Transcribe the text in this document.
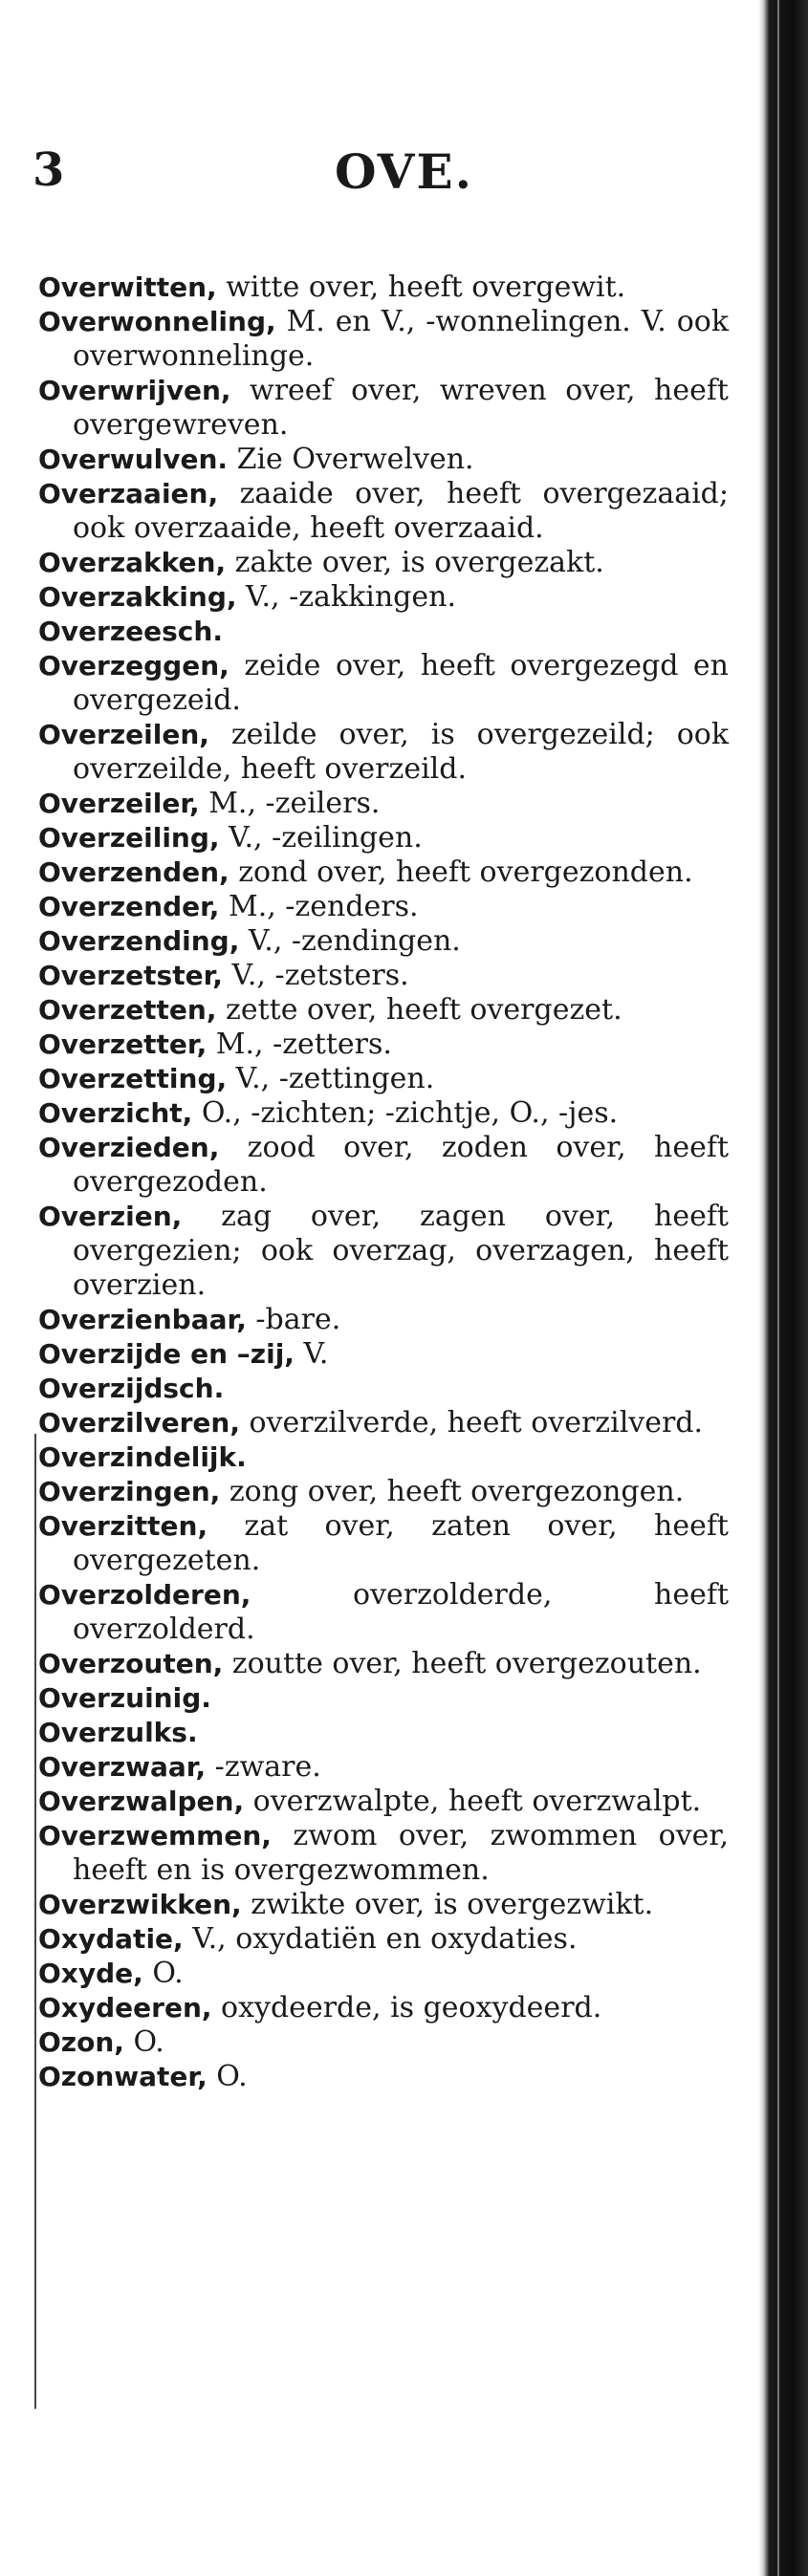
3	OVE.
Overwitten, witte over, heeft overgewit.
Overwonneling, M. en V., -wonnelingen. V. ook overwonnelinge.
Overwrijven, wreef over, wreven over, heeft overgewreven.
Overwulven. Zie Overwelven.
Overzaaien, zaaide over, heeft overgezaaid; ook overzaaide, heeft overzaaid.
Overzakken, zakte over, is overgezakt.
Overzakking, V., -zakkingen.
Overzeesch.
Overzeggen, zeide over, heeft overgezegd en overgezeid.
Overzeilen, zeilde over, is overgezeild; ook overzeilde, heeft overzeild.
Overzeiler, M., -zeilers.
Overzeiling, V., -zeilingen.
Overzenden, zond over, heeft overgezonden.
Overzender, M., -zenders.
Overzending, V., -zendingen.
Overzetster, V., -zetsters.
Overzetten, zette over, heeft overgezet.
Overzetter, M., -zetters.
Overzetting, V., -zettingen.
Overzicht, O., -zichten; -zichtje, O., -jes.
Overzieden, zood over, zoden over, heeft overgezoden.
Overzien, zag over, zagen over, heeft overgezien; ook overzag, overzagen, heeft overzien.
Overzienbaar, -bare.
Overzijde en –zij, V.
Overzijdsch.
Overzilveren, overzilverde, heeft overzilverd.
Overzindelijk.
Overzingen, zong over, heeft overgezongen.
Overzitten, zat over, zaten over, heeft overgezeten.
Overzolderen, overzolderde, heeft overzolderd.
Overzouten, zoutte over, heeft overgezouten.
Overzuinig.
Overzulks.
Overzwaar, -zware.
Overzwalpen, overzwalpte, heeft overzwalpt.
Overzwemmen, zwom over, zwommen over, heeft en is overgezwommen.
Overzwikken, zwikte over, is overgezwikt.
Oxydatie, V., oxydatiën en oxydaties.
Oxyde, O.
Oxydeeren, oxydeerde, is geoxydeerd.
Ozon, O.
Ozonwater, O.
